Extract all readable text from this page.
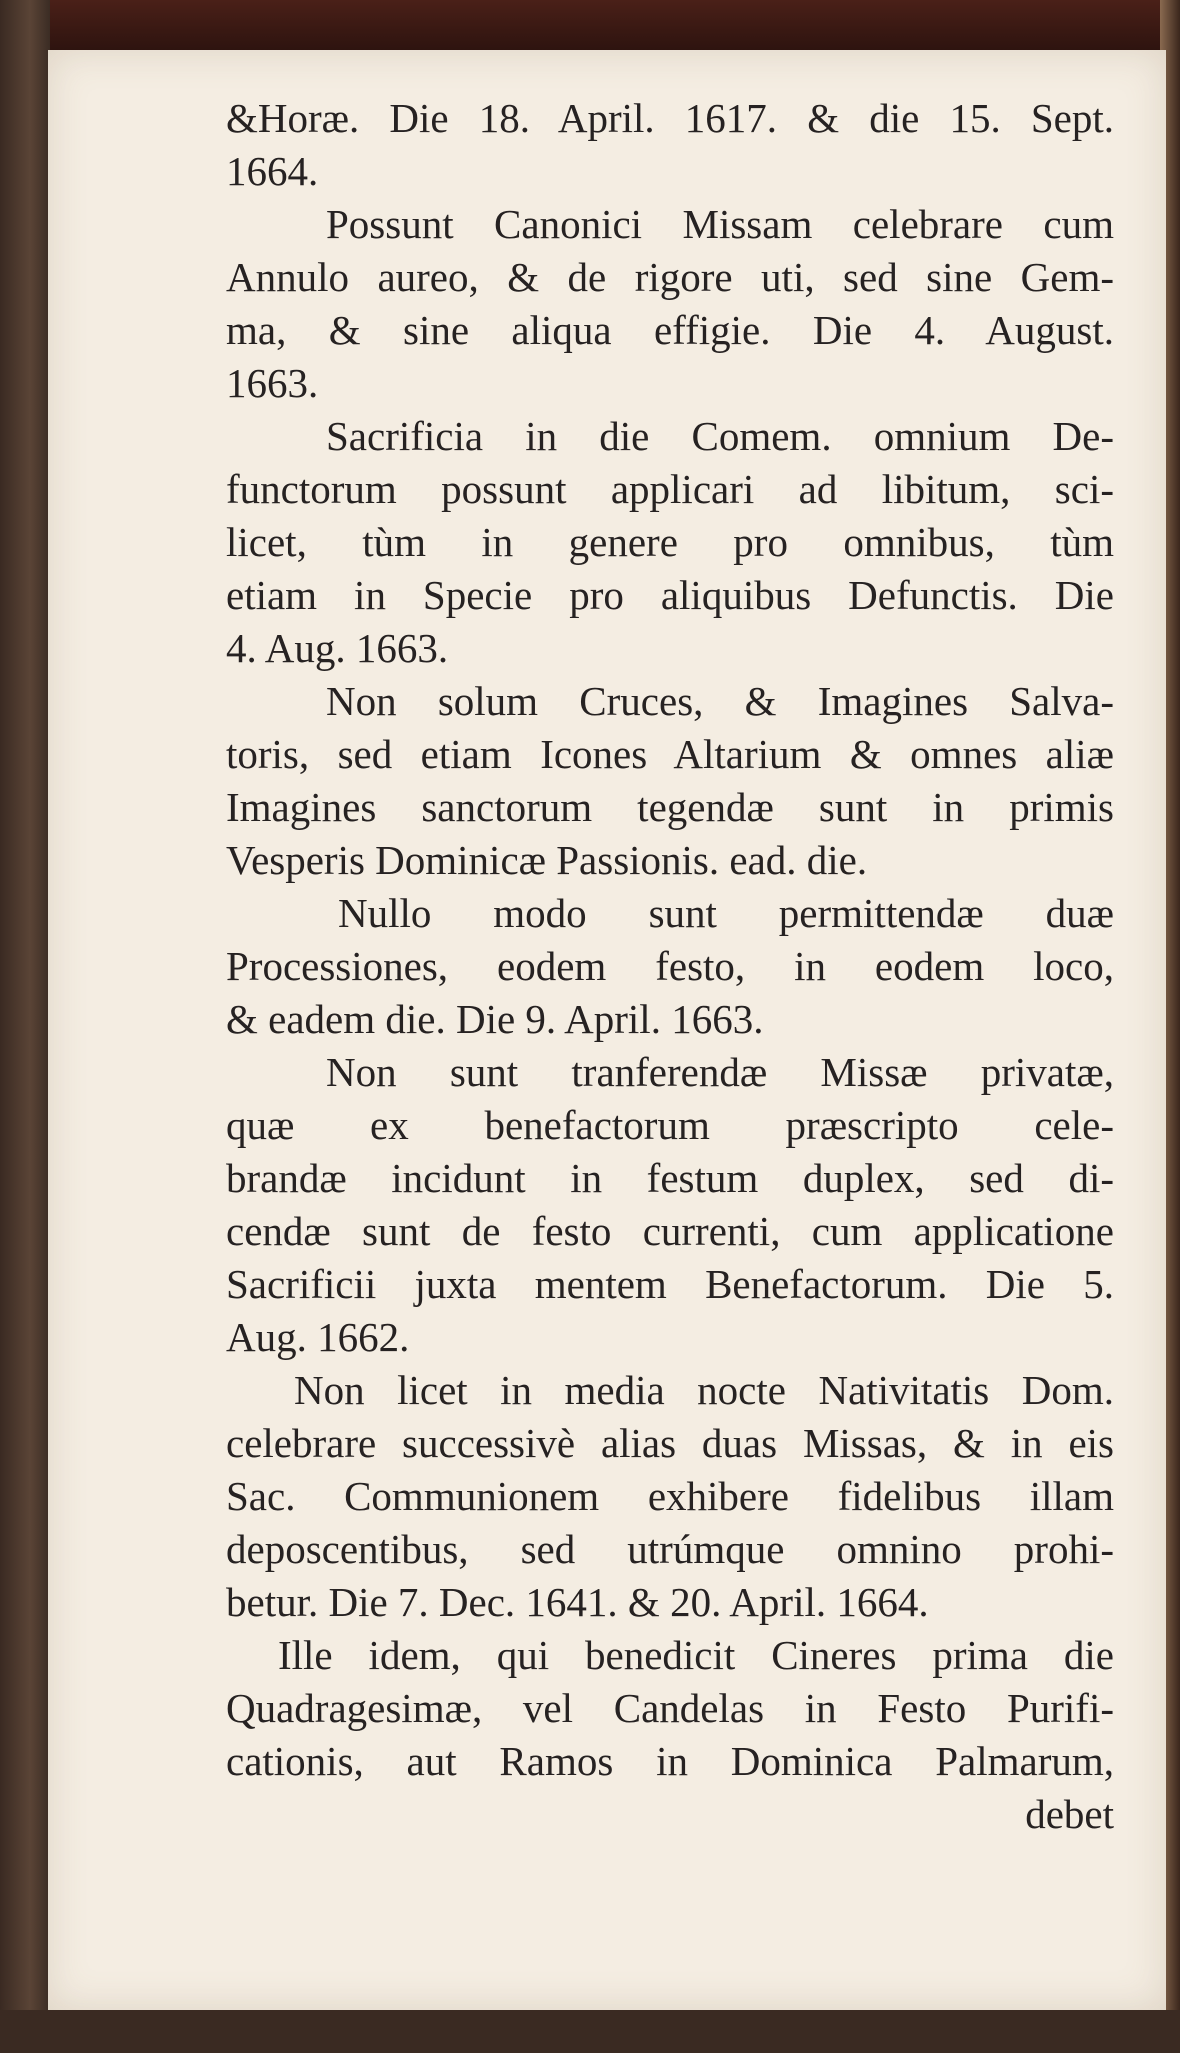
&Horæ. Die 18. April. 1617. & die 15. Sept.
1664.
Possunt Canonici Missam celebrare cum
Annulo aureo, & de rigore uti, sed sine Gem-
ma, & sine aliqua effigie. Die 4. August.
1663.
Sacrificia in die Comem. omnium De-
functorum possunt applicari ad libitum, sci-
licet, tùm in genere pro omnibus, tùm
etiam in Specie pro aliquibus Defunctis. Die
4. Aug. 1663.
Non solum Cruces, & Imagines Salva-
toris, sed etiam Icones Altarium & omnes aliæ
Imagines sanctorum tegendæ sunt in primis
Vesperis Dominicæ Passionis. ead. die.
Nullo modo sunt permittendæ duæ
Processiones, eodem festo, in eodem loco,
& eadem die. Die 9. April. 1663.
Non sunt tranferendæ Missæ privatæ,
quæ ex benefactorum præscripto cele-
brandæ incidunt in festum duplex, sed di-
cendæ sunt de festo currenti, cum applicatione
Sacrificii juxta mentem Benefactorum. Die 5.
Aug. 1662.
Non licet in media nocte Nativitatis Dom.
celebrare successivè alias duas Missas, & in eis
Sac. Communionem exhibere fidelibus illam
deposcentibus, sed utrúmque omnino prohi-
betur. Die 7. Dec. 1641. & 20. April. 1664.
Ille idem, qui benedicit Cineres prima die
Quadragesimæ, vel Candelas in Festo Purifi-
cationis, aut Ramos in Dominica Palmarum,
debet
